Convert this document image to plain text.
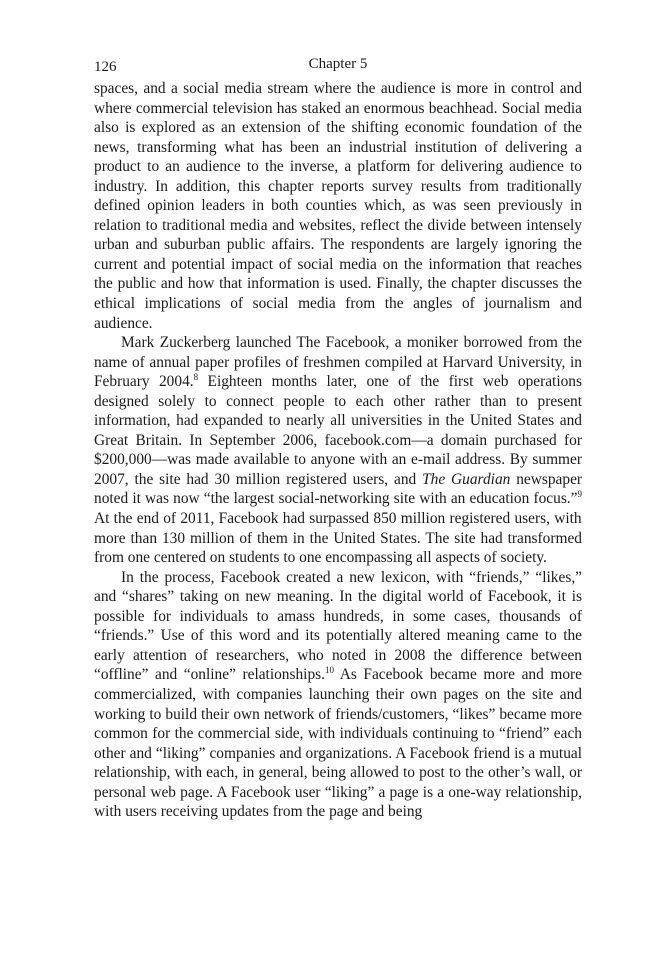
126	Chapter 5

spaces, and a social media stream where the audience is more in control and where commercial television has staked an enormous beachhead. Social media also is explored as an extension of the shifting economic foundation of the news, transforming what has been an industrial institution of delivering a product to an audience to the inverse, a platform for delivering audience to industry. In addition, this chapter reports survey results from traditionally defined opinion leaders in both counties which, as was seen previously in relation to traditional media and websites, reflect the divide between intensely urban and suburban public affairs. The respondents are largely ignoring the current and potential impact of social media on the information that reaches the public and how that information is used. Finally, the chapter discusses the ethical implications of social media from the angles of journalism and audience.

Mark Zuckerberg launched The Facebook, a moniker borrowed from the name of annual paper profiles of freshmen compiled at Harvard University, in February 2004.$^8$ Eighteen months later, one of the first web operations designed solely to connect people to each other rather than to present information, had expanded to nearly all universities in the United States and Great Britain. In September 2006, facebook.com—a domain purchased for $200,000—was made available to anyone with an e-mail address. By summer 2007, the site had 30 million registered users, and The Guardian newspaper noted it was now “the largest social-networking site with an education focus.”$^9$ At the end of 2011, Facebook had surpassed 850 million registered users, with more than 130 million of them in the United States. The site had transformed from one centered on students to one encompassing all aspects of society.

In the process, Facebook created a new lexicon, with “friends,” “likes,” and “shares” taking on new meaning. In the digital world of Facebook, it is possible for individuals to amass hundreds, in some cases, thousands of “friends.” Use of this word and its potentially altered meaning came to the early attention of researchers, who noted in 2008 the difference between “offline” and “online” relationships.$^{10}$ As Facebook became more and more commercialized, with companies launching their own pages on the site and working to build their own network of friends/customers, “likes” became more common for the commercial side, with individuals continuing to “friend” each other and “liking” companies and organizations. A Facebook friend is a mutual relationship, with each, in general, being allowed to post to the other’s wall, or personal web page. A Facebook user “liking” a page is a one-way relationship, with users receiving updates from the page and being
